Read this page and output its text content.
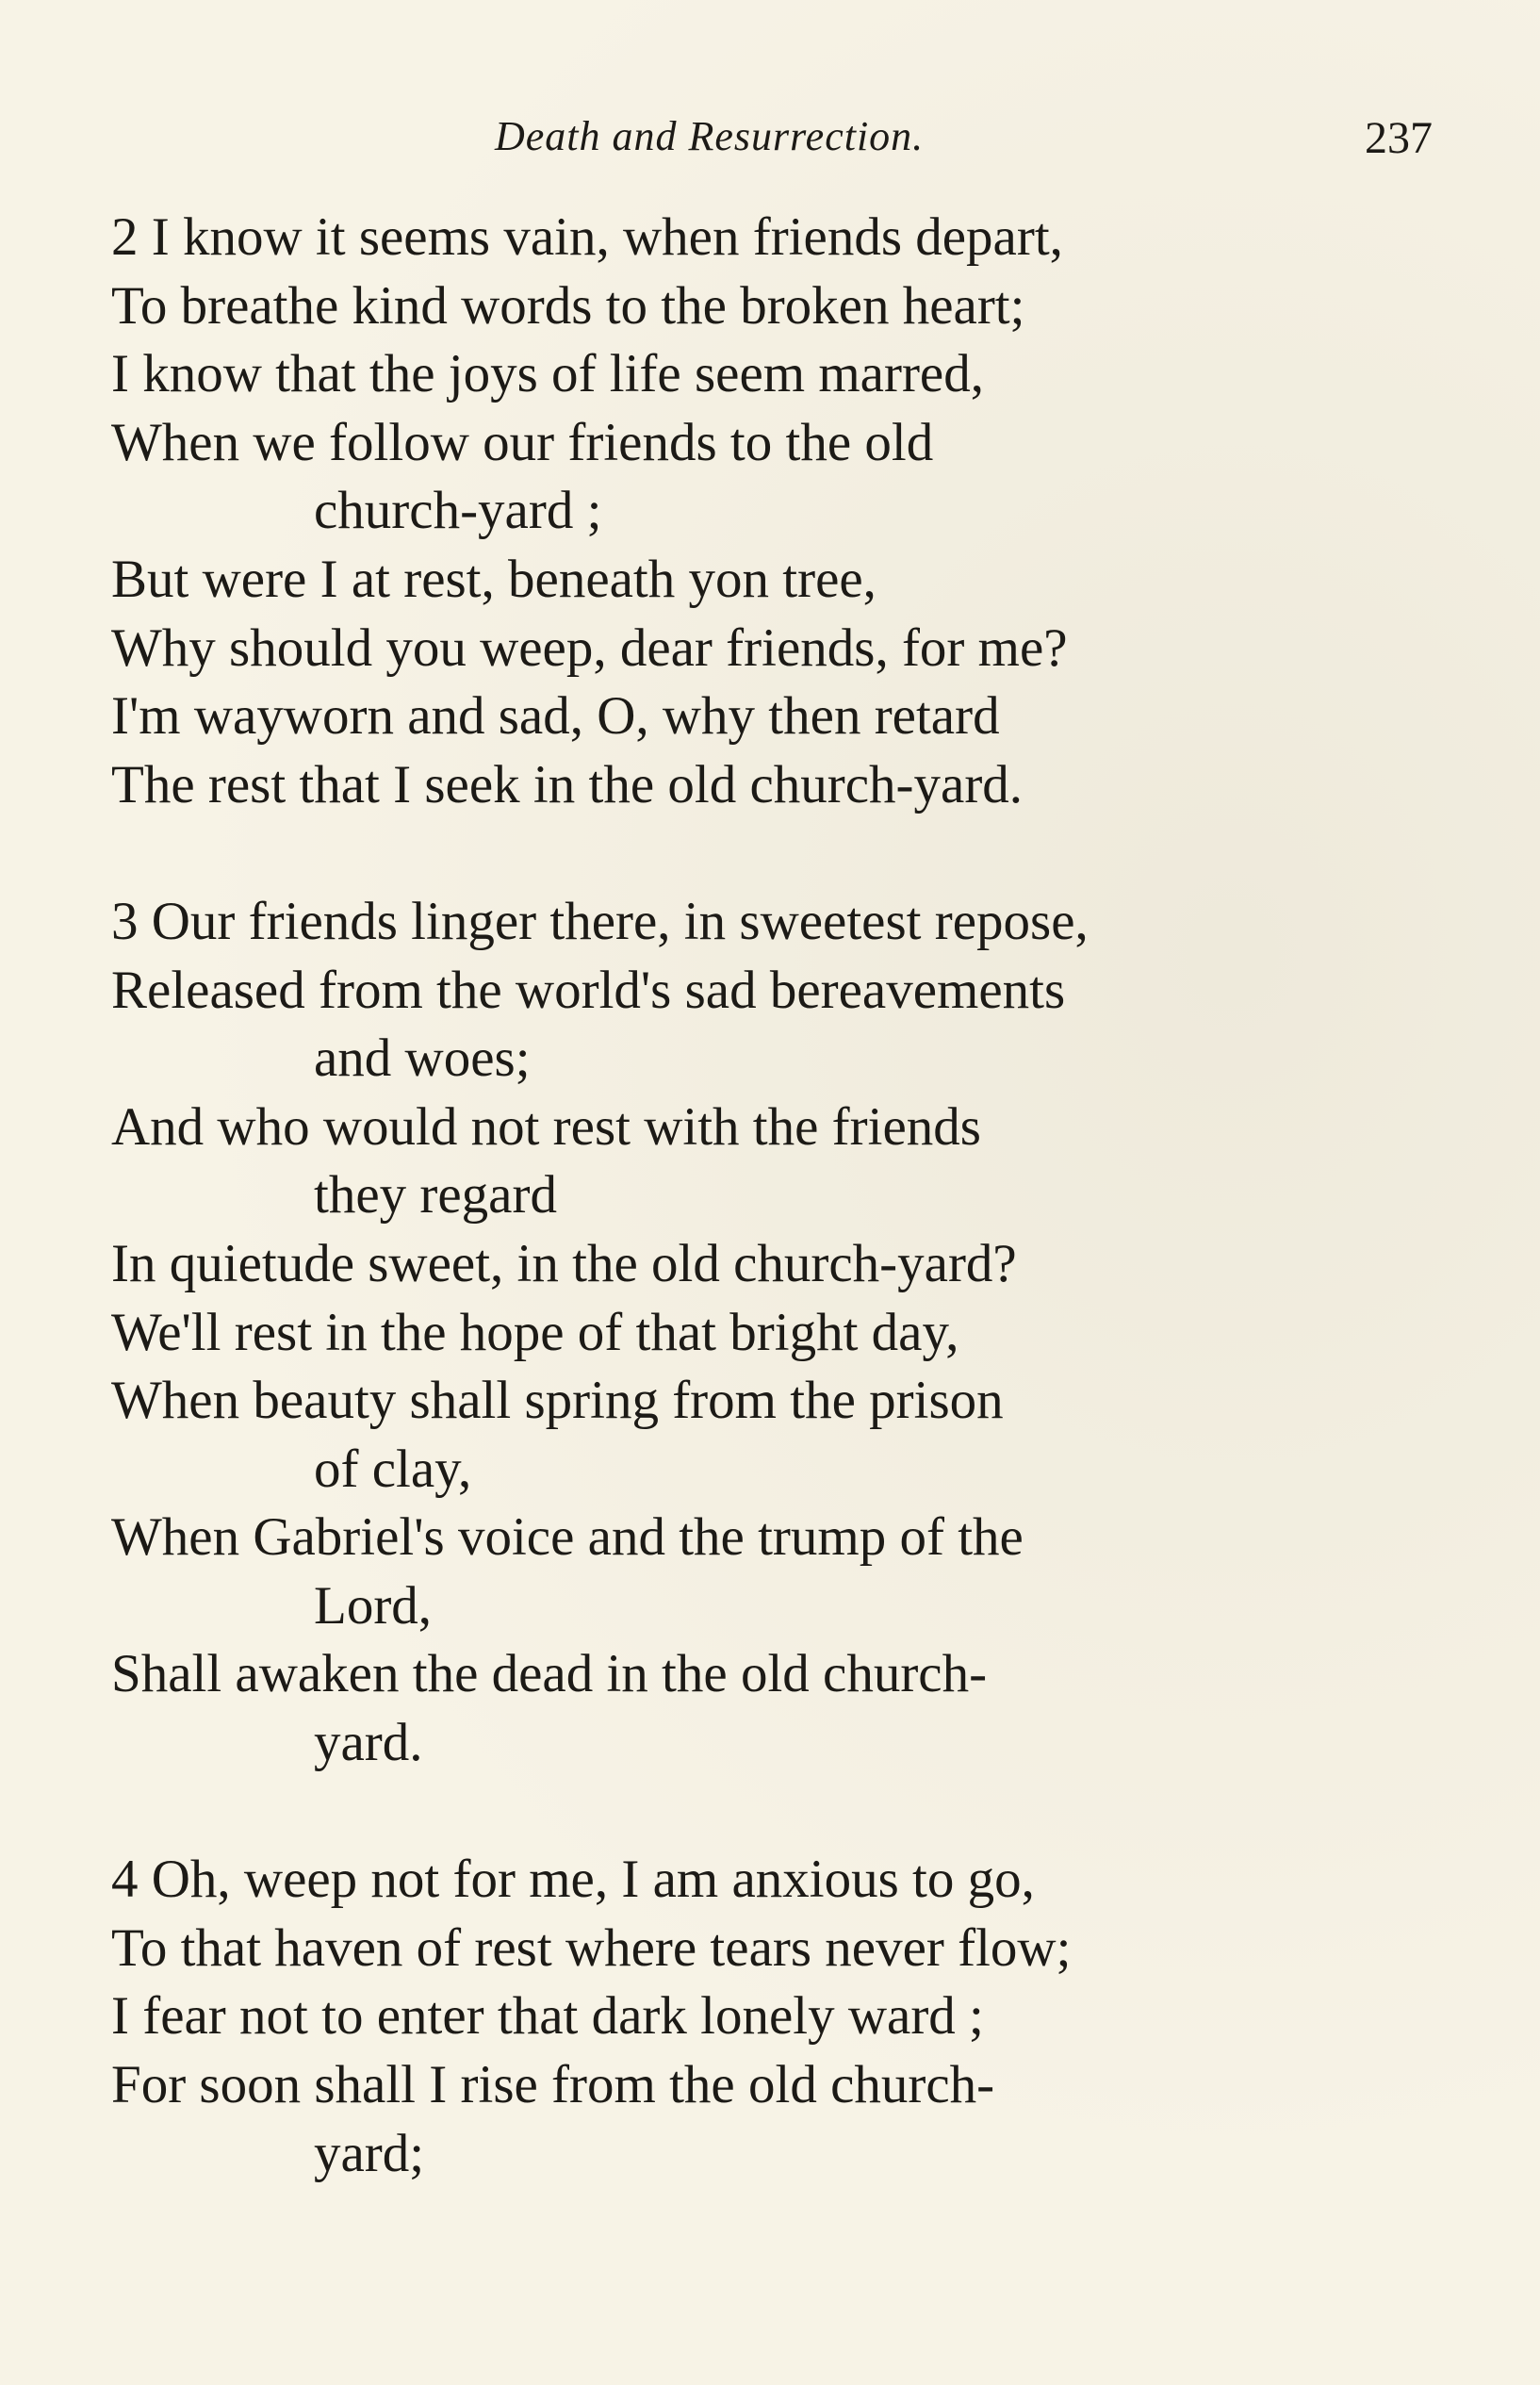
Death and Resurrection.	237
2 I know it seems vain, when friends depart,
To breathe kind words to the broken heart;
I know that the joys of life seem marred,
When we follow our friends to the old
church-yard ;
But were I at rest, beneath yon tree,
Why should you weep, dear friends, for me?
I'm wayworn and sad, O, why then retard
The rest that I seek in the old church-yard.
3 Our friends linger there, in sweetest repose,
Released from the world's sad bereavements
and woes;
And who would not rest with the friends
they regard
In quietude sweet, in the old church-yard?
We'll rest in the hope of that bright day,
When beauty shall spring from the prison
of clay,
When Gabriel's voice and the trump of the
Lord,
Shall awaken the dead in the old church-
yard.
4 Oh, weep not for me, I am anxious to go,
To that haven of rest where tears never flow;
I fear not to enter that dark lonely ward ;
For soon shall I rise from the old church-
yard;
